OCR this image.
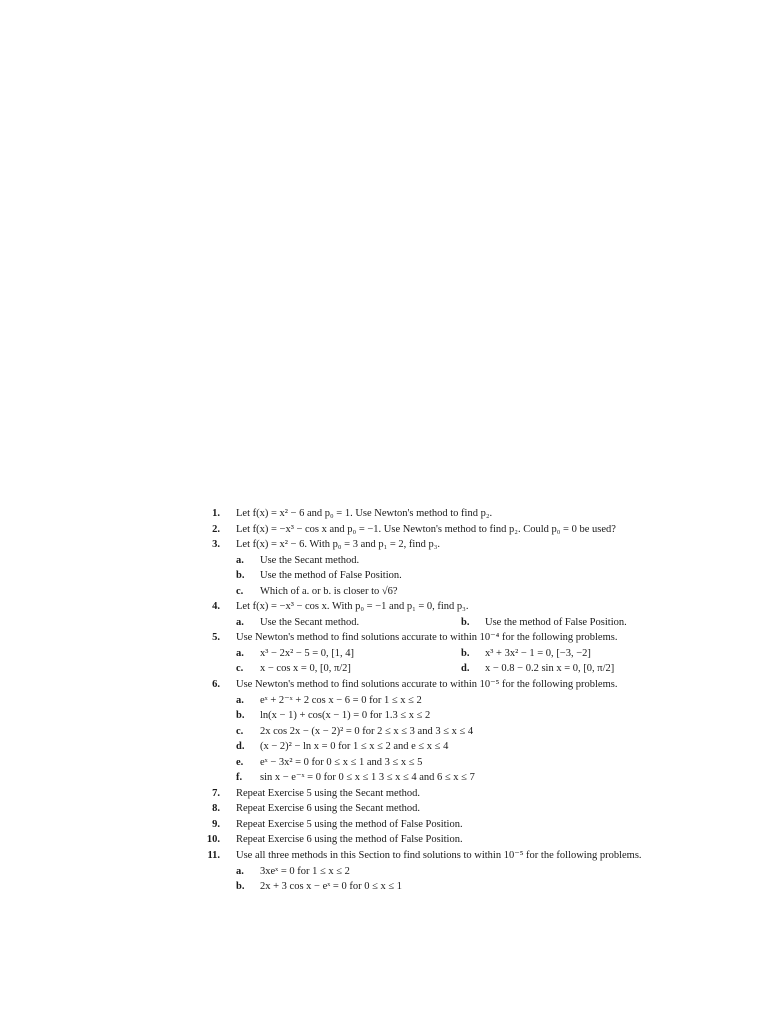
1. Let f(x) = x² − 6 and p₀ = 1. Use Newton's method to find p₂.
2. Let f(x) = −x³ − cos x and p₀ = −1. Use Newton's method to find p₂. Could p₀ = 0 be used?
3. Let f(x) = x² − 6. With p₀ = 3 and p₁ = 2, find p₃.
a. Use the Secant method.
b. Use the method of False Position.
c. Which of a. or b. is closer to √6?
4. Let f(x) = −x³ − cos x. With p₀ = −1 and p₁ = 0, find p₃.
a. Use the Secant method.	b. Use the method of False Position.
5. Use Newton's method to find solutions accurate to within 10⁻⁴ for the following problems.
a. x³ − 2x² − 5 = 0, [1, 4]	b. x³ + 3x² − 1 = 0, [−3, −2]
c. x − cos x = 0, [0, π/2]	d. x − 0.8 − 0.2 sin x = 0, [0, π/2]
6. Use Newton's method to find solutions accurate to within 10⁻⁵ for the following problems.
a. eˣ + 2⁻ˣ + 2 cos x − 6 = 0 for 1 ≤ x ≤ 2
b. ln(x − 1) + cos(x − 1) = 0 for 1.3 ≤ x ≤ 2
c. 2x cos 2x − (x − 2)² = 0 for 2 ≤ x ≤ 3 and 3 ≤ x ≤ 4
d. (x − 2)² − ln x = 0 for 1 ≤ x ≤ 2 and e ≤ x ≤ 4
e. eˣ − 3x² = 0 for 0 ≤ x ≤ 1 and 3 ≤ x ≤ 5
f. sin x − e⁻ˣ = 0 for 0 ≤ x ≤ 1 3 ≤ x ≤ 4 and 6 ≤ x ≤ 7
7. Repeat Exercise 5 using the Secant method.
8. Repeat Exercise 6 using the Secant method.
9. Repeat Exercise 5 using the method of False Position.
10. Repeat Exercise 6 using the method of False Position.
11. Use all three methods in this Section to find solutions to within 10⁻⁵ for the following problems.
a. 3xeˣ = 0 for 1 ≤ x ≤ 2
b. 2x + 3 cos x − eˣ = 0 for 0 ≤ x ≤ 1
